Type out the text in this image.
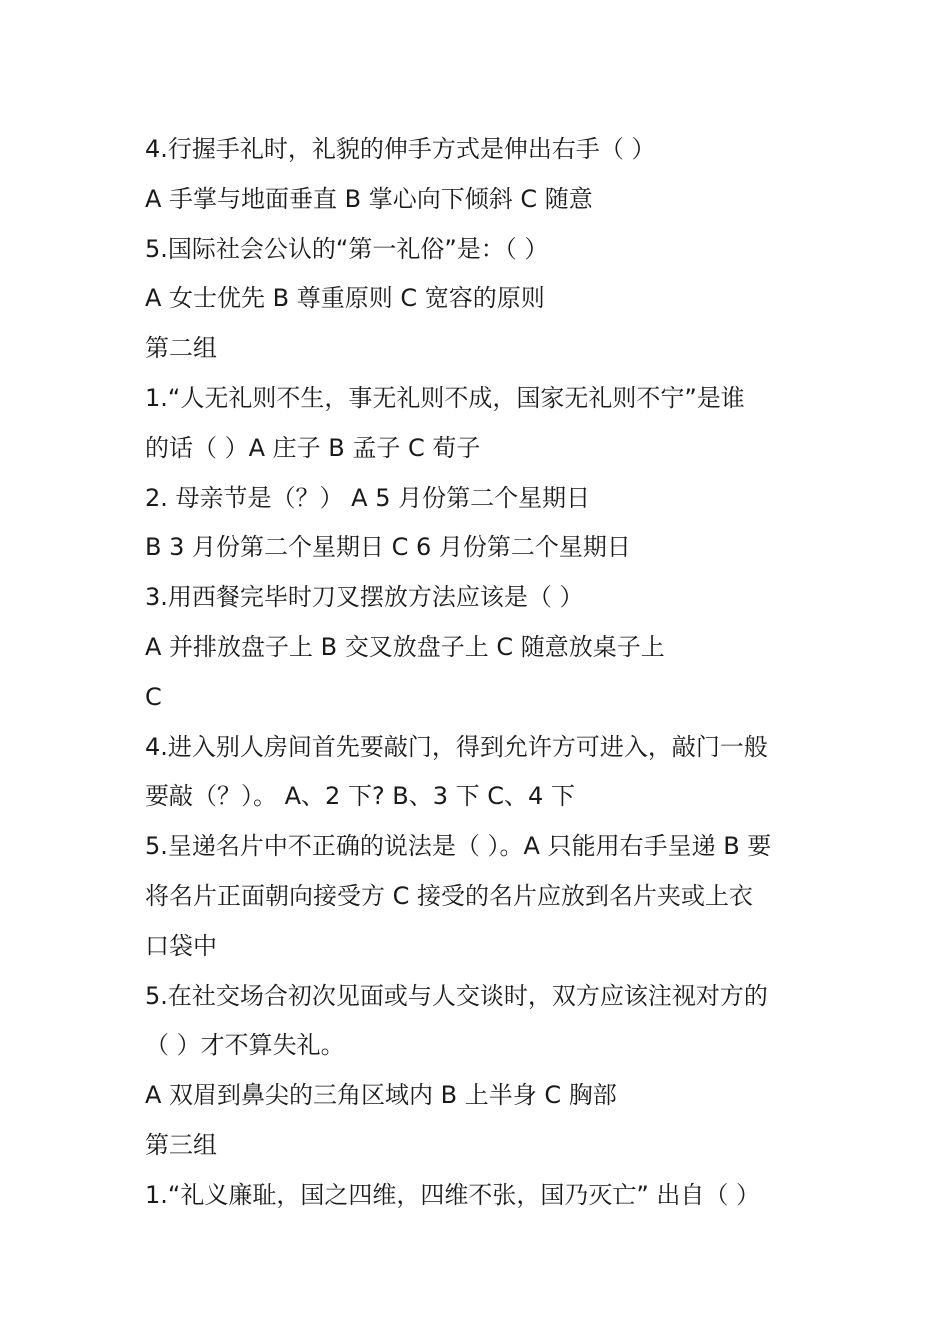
4.行握手礼时，礼貌的伸手方式是伸出右手（ ）
A 手掌与地面垂直 B 掌心向下倾斜 C 随意
5.国际社会公认的“第一礼俗”是：（ ）
A 女士优先 B 尊重原则 C 宽容的原则
第二组
1.“人无礼则不生，事无礼则不成，国家无礼则不宁”是谁
的话（ ）A 庄子 B 孟子 C 荀子
2. 母亲节是（？） A 5 月份第二个星期日
B 3 月份第二个星期日 C 6 月份第二个星期日
3.用西餐完毕时刀叉摆放方法应该是（ ）
A 并排放盘子上 B 交叉放盘子上 C 随意放桌子上
C
4.进入别人房间首先要敲门，得到允许方可进入，敲门一般
要敲（？）。 A、2 下? B、3 下 C、4 下
5.呈递名片中不正确的说法是（ ）。A 只能用右手呈递 B 要
将名片正面朝向接受方 C 接受的名片应放到名片夹或上衣
口袋中
5.在社交场合初次见面或与人交谈时，双方应该注视对方的
（ ）才不算失礼。
A 双眉到鼻尖的三角区域内 B 上半身 C 胸部
第三组
1.“礼义廉耻，国之四维，四维不张，国乃灭亡” 出自（ ）
